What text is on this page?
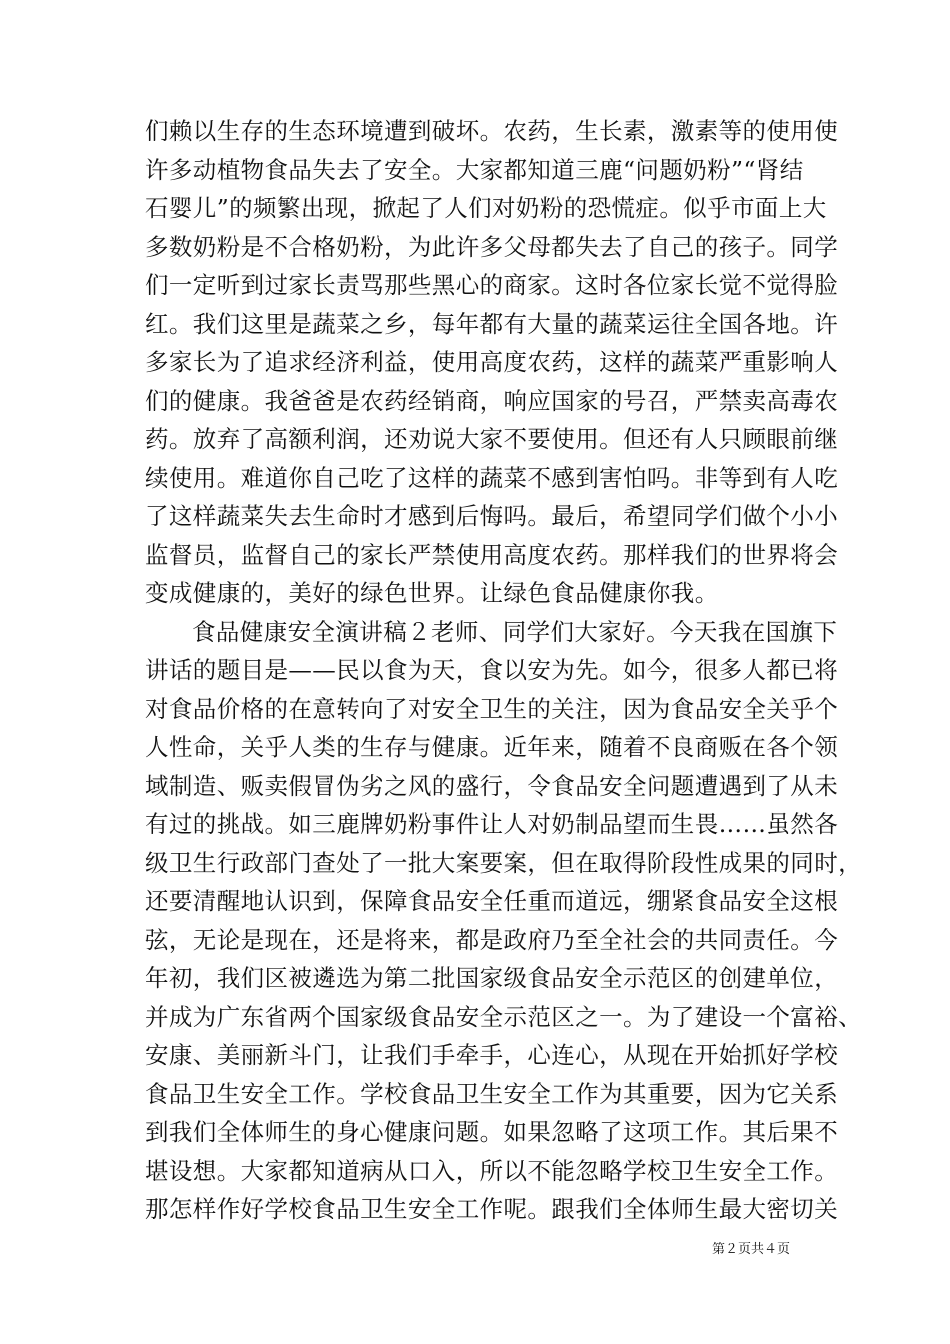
们赖以生存的生态环境遭到破坏。农药，生长素，激素等的使用使
许多动植物食品失去了安全。大家都知道三鹿“问题奶粉”“肾结
石婴儿”的频繁出现，掀起了人们对奶粉的恐慌症。似乎市面上大
多数奶粉是不合格奶粉，为此许多父母都失去了自己的孩子。同学
们一定听到过家长责骂那些黑心的商家。这时各位家长觉不觉得脸
红。我们这里是蔬菜之乡，每年都有大量的蔬菜运往全国各地。许
多家长为了追求经济利益，使用高度农药，这样的蔬菜严重影响人
们的健康。我爸爸是农药经销商，响应国家的号召，严禁卖高毒农
药。放弃了高额利润，还劝说大家不要使用。但还有人只顾眼前继
续使用。难道你自己吃了这样的蔬菜不感到害怕吗。非等到有人吃
了这样蔬菜失去生命时才感到后悔吗。最后，希望同学们做个小小
监督员，监督自己的家长严禁使用高度农药。那样我们的世界将会
变成健康的，美好的绿色世界。让绿色食品健康你我。
食品健康安全演讲稿２老师、同学们大家好。今天我在国旗下
讲话的题目是——民以食为天，食以安为先。如今，很多人都已将
对食品价格的在意转向了对安全卫生的关注，因为食品安全关乎个
人性命，关乎人类的生存与健康。近年来，随着不良商贩在各个领
域制造、贩卖假冒伪劣之风的盛行，令食品安全问题遭遇到了从未
有过的挑战。如三鹿牌奶粉事件让人对奶制品望而生畏……虽然各
级卫生行政部门查处了一批大案要案，但在取得阶段性成果的同时，
还要清醒地认识到，保障食品安全任重而道远，绷紧食品安全这根
弦，无论是现在，还是将来，都是政府乃至全社会的共同责任。今
年初，我们区被遴选为第二批国家级食品安全示范区的创建单位，
并成为广东省两个国家级食品安全示范区之一。为了建设一个富裕、
安康、美丽新斗门，让我们手牵手，心连心，从现在开始抓好学校
食品卫生安全工作。学校食品卫生安全工作为其重要，因为它关系
到我们全体师生的身心健康问题。如果忽略了这项工作。其后果不
堪设想。大家都知道病从口入，所以不能忽略学校卫生安全工作。
那怎样作好学校食品卫生安全工作呢。跟我们全体师生最大密切关
第２页共４页
